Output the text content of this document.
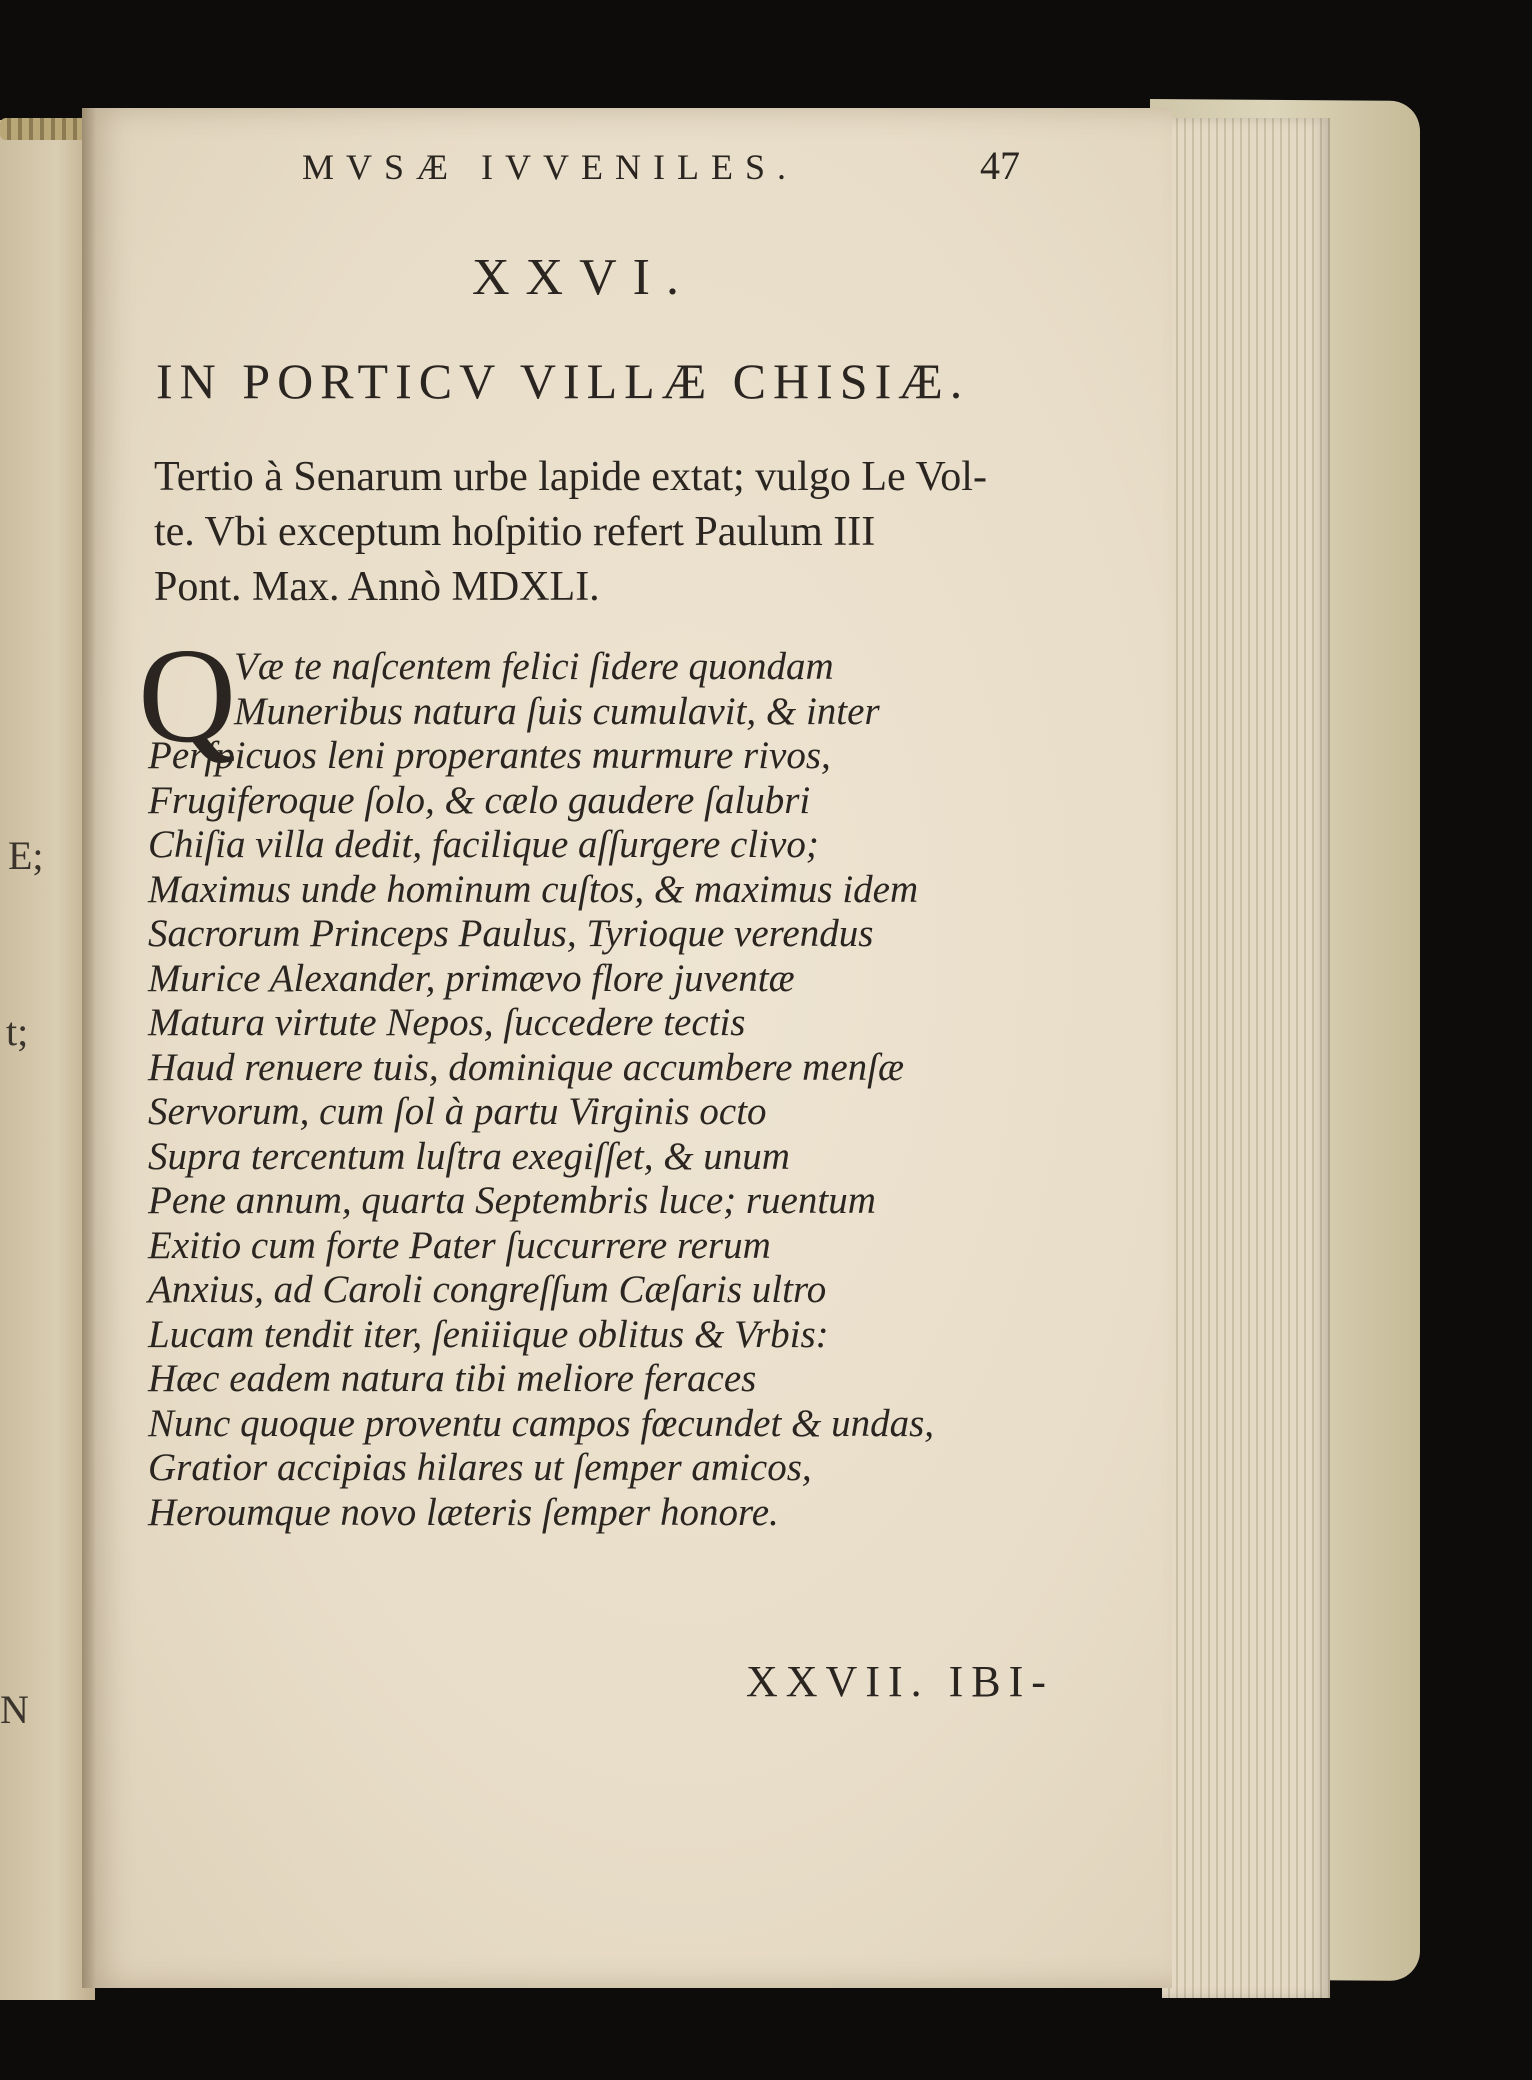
E;
t;
N
MVSÆ IVVENILES.	47
XXVI.
IN PORTICV VILLÆ CHISIÆ.
Tertio à Senarum urbe lapide extat; vulgo Le Vol-
te. Vbi exceptum hoſpitio refert Paulum III
Pont. Max. Annò MDXLI.
Q
Væ te naſcentem felici ſidere quondam
Muneribus natura ſuis cumulavit, & inter
Perſpicuos leni properantes murmure rivos,
Frugiferoque ſolo, & cælo gaudere ſalubri
Chiſia villa dedit, facilique aſſurgere clivo;
Maximus unde hominum cuſtos, & maximus idem
Sacrorum Princeps Paulus, Tyrioque verendus
Murice Alexander, primævo flore juventæ
Matura virtute Nepos, ſuccedere tectis
Haud renuere tuis, dominique accumbere menſæ
Servorum, cum ſol à partu Virginis octo
Supra tercentum luſtra exegiſſet, & unum
Pene annum, quarta Septembris luce; ruentum
Exitio cum forte Pater ſuccurrere rerum
Anxius, ad Caroli congreſſum Cæſaris ultro
Lucam tendit iter, ſeniiique oblitus & Vrbis:
Hæc eadem natura tibi meliore feraces
Nunc quoque proventu campos fœcundet & undas,
Gratior accipias hilares ut ſemper amicos,
Heroumque novo læteris ſemper honore.
XXVII. IBI-
